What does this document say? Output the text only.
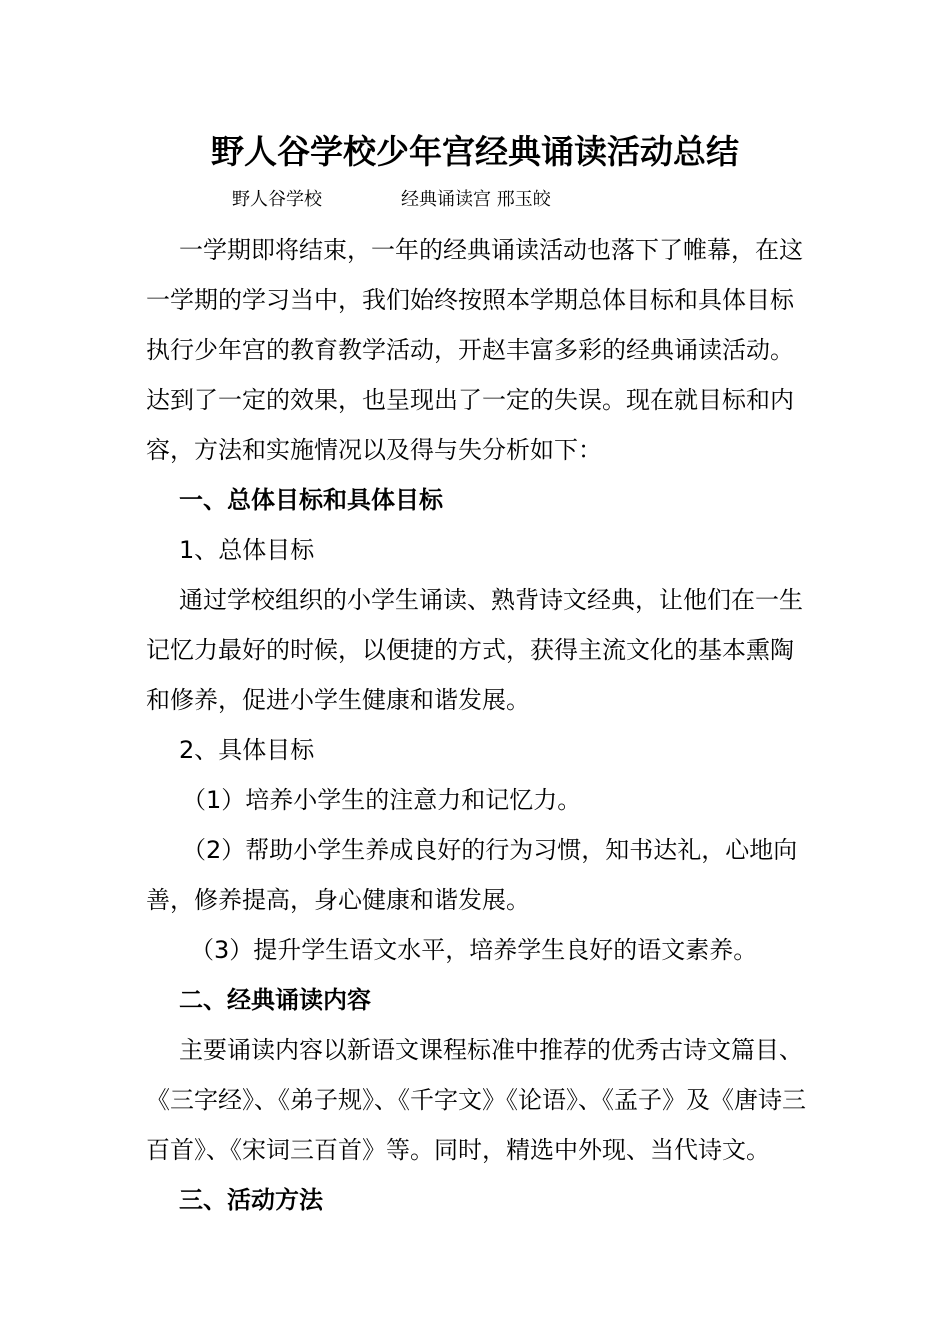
野人谷学校少年宫经典诵读活动总结
野人谷学校	经典诵读宫 邢玉皎

一学期即将结束，一年的经典诵读活动也落下了帷幕，在这一学期的学习当中，我们始终按照本学期总体目标和具体目标执行少年宫的教育教学活动，开赵丰富多彩的经典诵读活动。达到了一定的效果，也呈现出了一定的失误。现在就目标和内容，方法和实施情况以及得与失分析如下：

一、总体目标和具体目标

1、总体目标

通过学校组织的小学生诵读、熟背诗文经典，让他们在一生记忆力最好的时候，以便捷的方式，获得主流文化的基本熏陶和修养，促进小学生健康和谐发展。

2、具体目标

（1）培养小学生的注意力和记忆力。

（2）帮助小学生养成良好的行为习惯，知书达礼，心地向善，修养提高，身心健康和谐发展。

（3）提升学生语文水平，培养学生良好的语文素养。

二、经典诵读内容

主要诵读内容以新语文课程标准中推荐的优秀古诗文篇目、《三字经》、《弟子规》、《千字文》《论语》、《孟子》及《唐诗三百首》、《宋词三百首》等。同时，精选中外现、当代诗文。

三、活动方法
